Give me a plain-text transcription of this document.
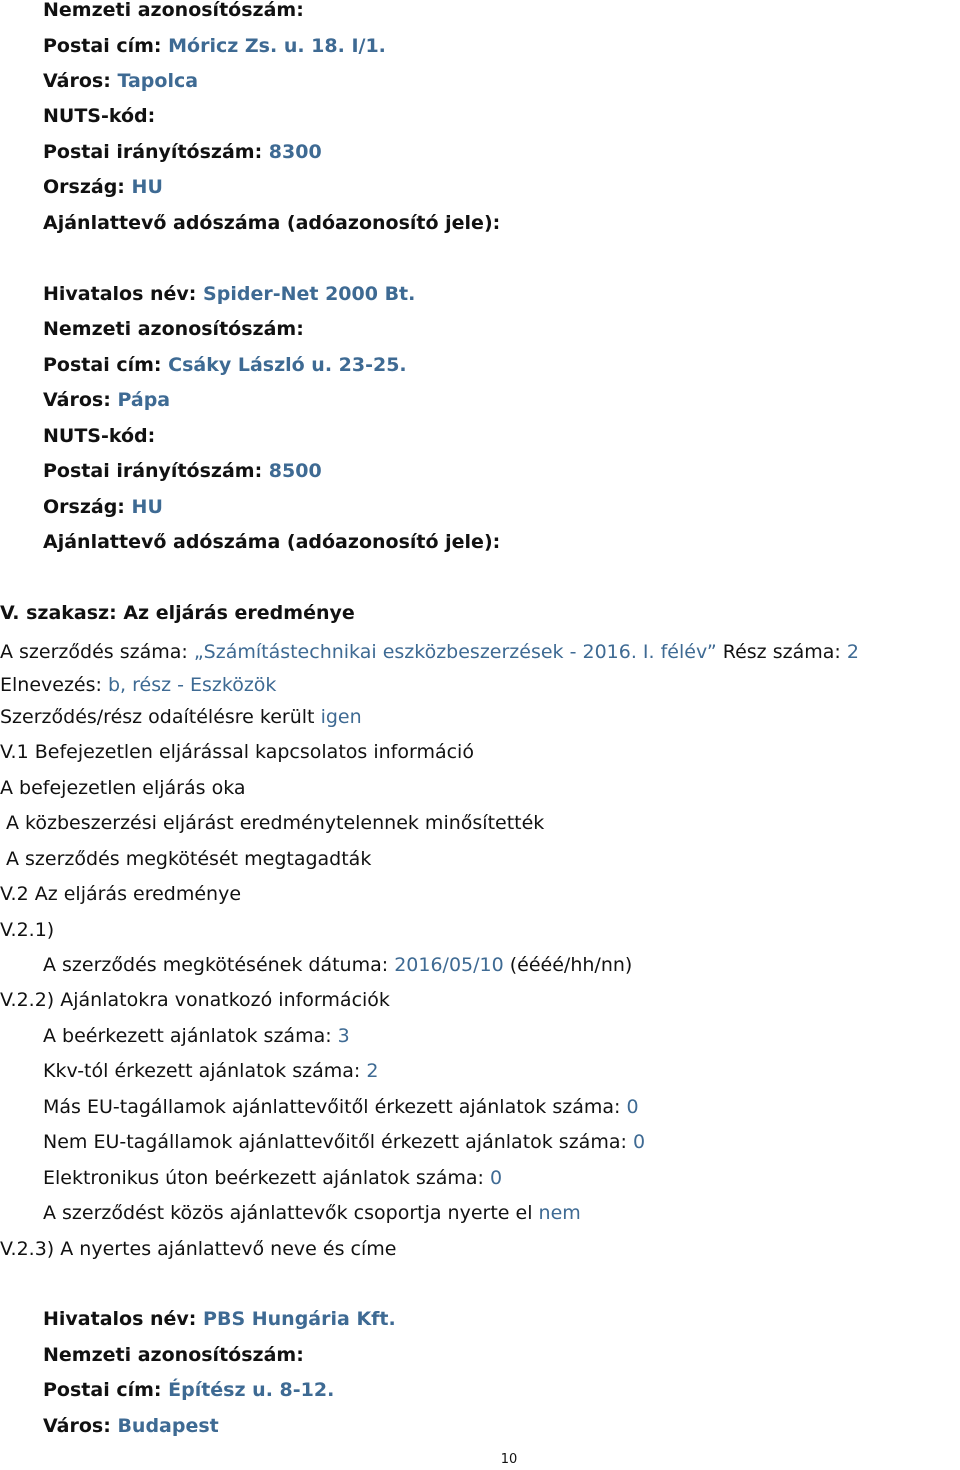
Nemzeti azonosítószám:
Postai cím: Móricz Zs. u. 18. I/1.
Város: Tapolca
NUTS-kód:
Postai irányítószám: 8300
Ország: HU
Ajánlattevő adószáma (adóazonosító jele):
Hivatalos név: Spider-Net 2000 Bt.
Nemzeti azonosítószám:
Postai cím: Csáky László u. 23-25.
Város: Pápa
NUTS-kód:
Postai irányítószám: 8500
Ország: HU
Ajánlattevő adószáma (adóazonosító jele):
V. szakasz: Az eljárás eredménye
A szerződés száma: „Számítástechnikai eszközbeszerzések - 2016. I. félév” Rész száma: 2 Elnevezés: b, rész - Eszközök
Szerződés/rész odaítélésre került igen
V.1 Befejezetlen eljárással kapcsolatos információ
A befejezetlen eljárás oka
A közbeszerzési eljárást eredménytelennek minősítették
A szerződés megkötését megtagadták
V.2 Az eljárás eredménye
V.2.1)
A szerződés megkötésének dátuma: 2016/05/10 (éééé/hh/nn)
V.2.2) Ajánlatokra vonatkozó információk
A beérkezett ajánlatok száma: 3
Kkv-tól érkezett ajánlatok száma: 2
Más EU-tagállamok ajánlattevőitől érkezett ajánlatok száma: 0
Nem EU-tagállamok ajánlattevőitől érkezett ajánlatok száma: 0
Elektronikus úton beérkezett ajánlatok száma: 0
A szerződést közös ajánlattevők csoportja nyerte el nem
V.2.3) A nyertes ajánlattevő neve és címe
Hivatalos név: PBS Hungária Kft.
Nemzeti azonosítószám:
Postai cím: Építész u. 8-12.
Város: Budapest
10
